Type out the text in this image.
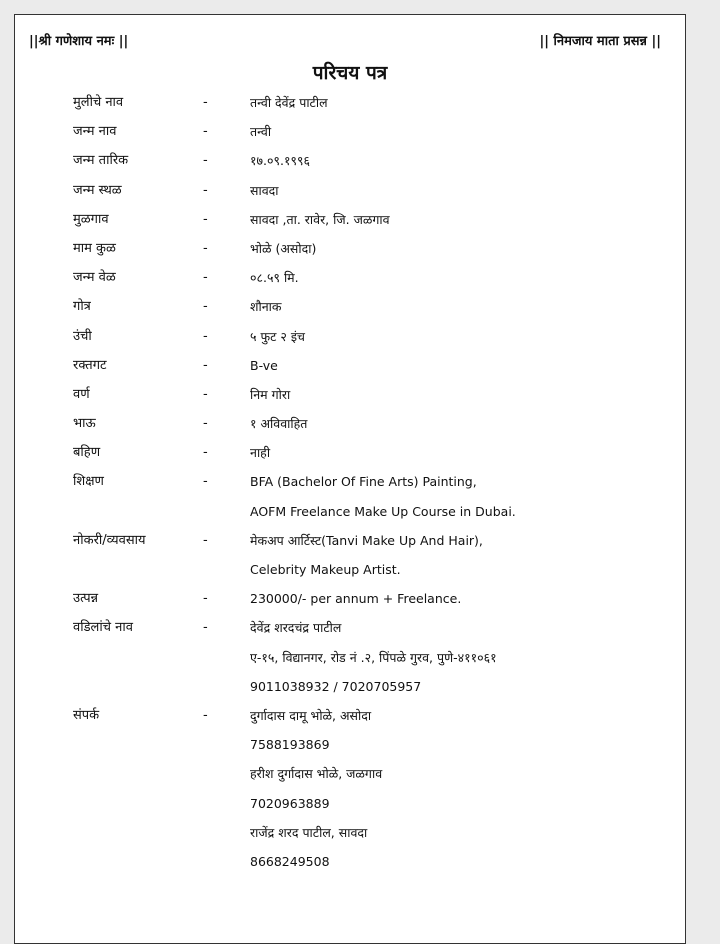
||श्री गणेशाय नमः ||	|| निमजाय माता प्रसन्न ||
परिचय पत्र
मुलीचे नाव	-	तन्वी देवेंद्र पाटील
जन्म नाव	-	तन्वी
जन्म तारिक	-	१७.०९.१९९६
जन्म स्थळ	-	सावदा
मुळगाव	-	सावदा ,ता. रावेर, जि. जळगाव
माम कुळ	-	भोळे (असोदा)
जन्म वेळ	-	०८.५९ मि.
गोत्र	-	शौनाक
उंची	-	५ फुट २ इंच
रक्तगट	-	B-ve
वर्ण	-	निम गोरा
भाऊ	-	१ अविवाहित
बहिण	-	नाही
शिक्षण	-	BFA (Bachelor Of Fine Arts) Painting,
AOFM Freelance Make Up Course in Dubai.
नोकरी/व्यवसाय	-	मेकअप आर्टिस्ट(Tanvi Make Up And Hair),
Celebrity Makeup Artist.
उत्पन्न	-	230000/- per annum + Freelance.
वडिलांचे नाव	-	देवेंद्र शरदचंद्र पाटील
ए-१५, विद्यानगर, रोड नं .२, पिंपळे गुरव, पुणे-४११०६१
9011038932 / 7020705957
संपर्क	-	दुर्गादास दामू भोळे, असोदा
7588193869
हरीश दुर्गादास भोळे, जळगाव
7020963889
राजेंद्र शरद पाटील, सावदा
8668249508
